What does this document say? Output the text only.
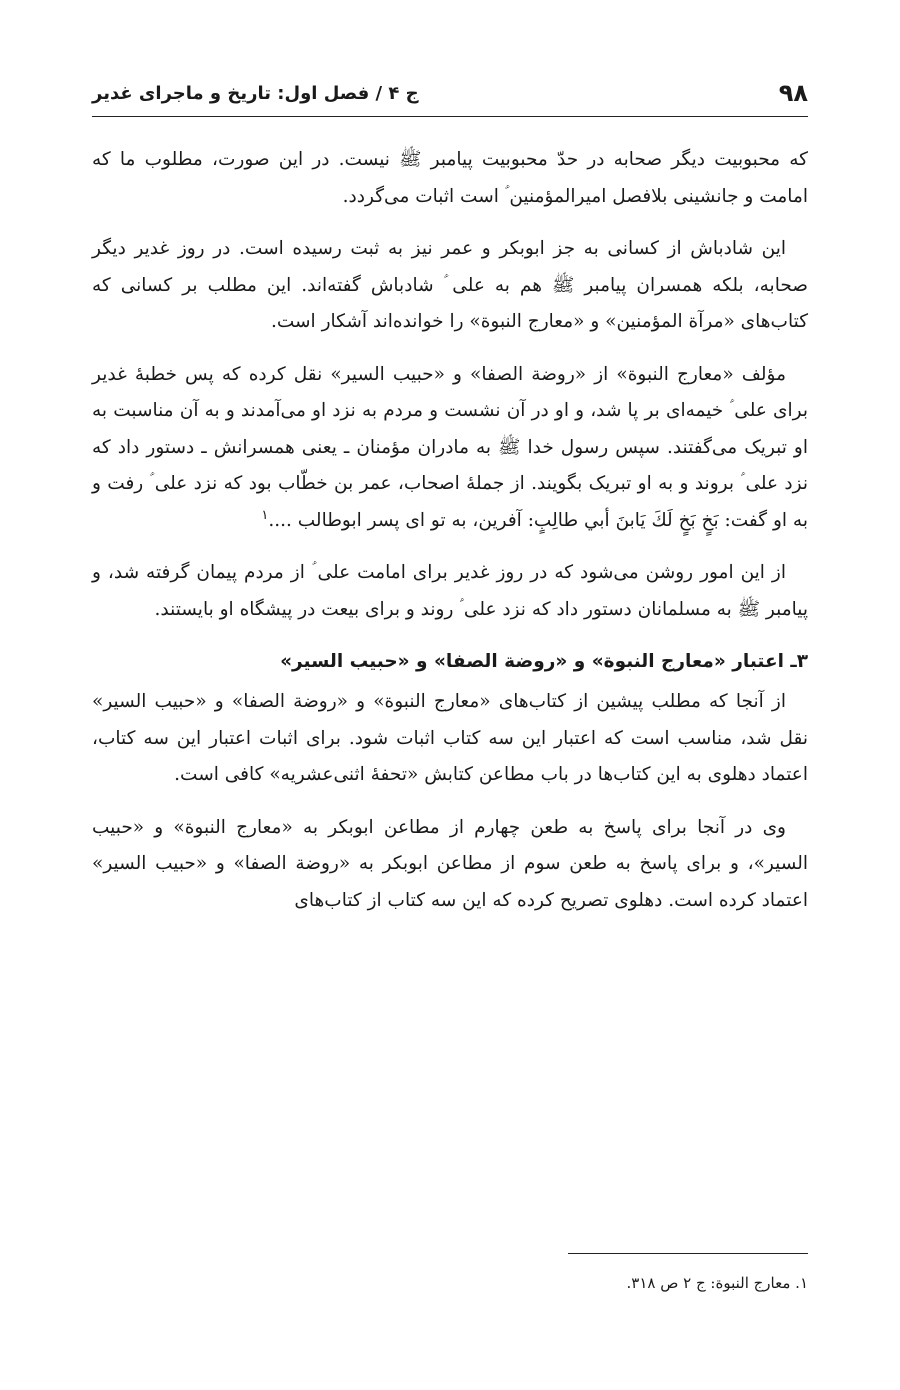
۹۸
ج ۴ / فصل اول: تاریخ و ماجرای غدیر

که محبوبیت دیگر صحابه در حدّ محبوبیت پیامبر ﷺ نیست. در این صورت، مطلوب ما که امامت و جانشینی بلافصل امیرالمؤمنین ؑ است اثبات می‌گردد.

این شادباش از کسانی به جز ابوبکر و عمر نیز به ثبت رسیده است. در روز غدیر دیگر صحابه، بلکه همسران پیامبر ﷺ هم به علی ؑ شادباش گفته‌اند. این مطلب بر کسانی که کتاب‌های «مرآة المؤمنین» و «معارج النبوة» را خوانده‌اند آشکار است.

مؤلف «معارج النبوة» از «روضة الصفا» و «حبیب السیر» نقل کرده که پس خطبهٔ غدیر برای علی ؑ خیمه‌ای بر پا شد، و او در آن نشست و مردم به نزد او می‌آمدند و به آن مناسبت به او تبریک می‌گفتند. سپس رسول خدا ﷺ به مادران مؤمنان ـ یعنی همسرانش ـ دستور داد که نزد علی ؑ بروند و به او تبریک بگویند. از جملهٔ اصحاب، عمر بن خطّاب بود که نزد علی ؑ رفت و به او گفت: بَخٍ بَخٍ لَكَ يَابنَ أبي طالِبٍ: آفرین، به تو ای پسر ابوطالب ....$^۱$

از این امور روشن می‌شود که در روز غدیر برای امامت علی ؑ از مردم پیمان گرفته شد، و پیامبر ﷺ به مسلمانان دستور داد که نزد علی ؑ روند و برای بیعت در پیشگاه او بایستند.

۳ـ اعتبار «معارج النبوة» و «روضة الصفا» و «حبیب السیر»

از آنجا که مطلب پیشین از کتاب‌های «معارج النبوة» و «روضة الصفا» و «حبیب السیر» نقل شد، مناسب است که اعتبار این سه کتاب اثبات شود. برای اثبات اعتبار این سه کتاب، اعتماد دهلوی به این کتاب‌ها در باب مطاعن کتابش «تحفهٔ اثنی‌عشریه» کافی است.

وی در آنجا برای پاسخ به طعن چهارم از مطاعن ابوبکر به «معارج النبوة» و «حبیب السیر»، و برای پاسخ به طعن سوم از مطاعن ابوبکر به «روضة الصفا» و «حبیب السیر» اعتماد کرده است. دهلوی تصریح کرده که این سه کتاب از کتاب‌های

۱. معارج النبوة: ج ۲ ص ۳۱۸.
